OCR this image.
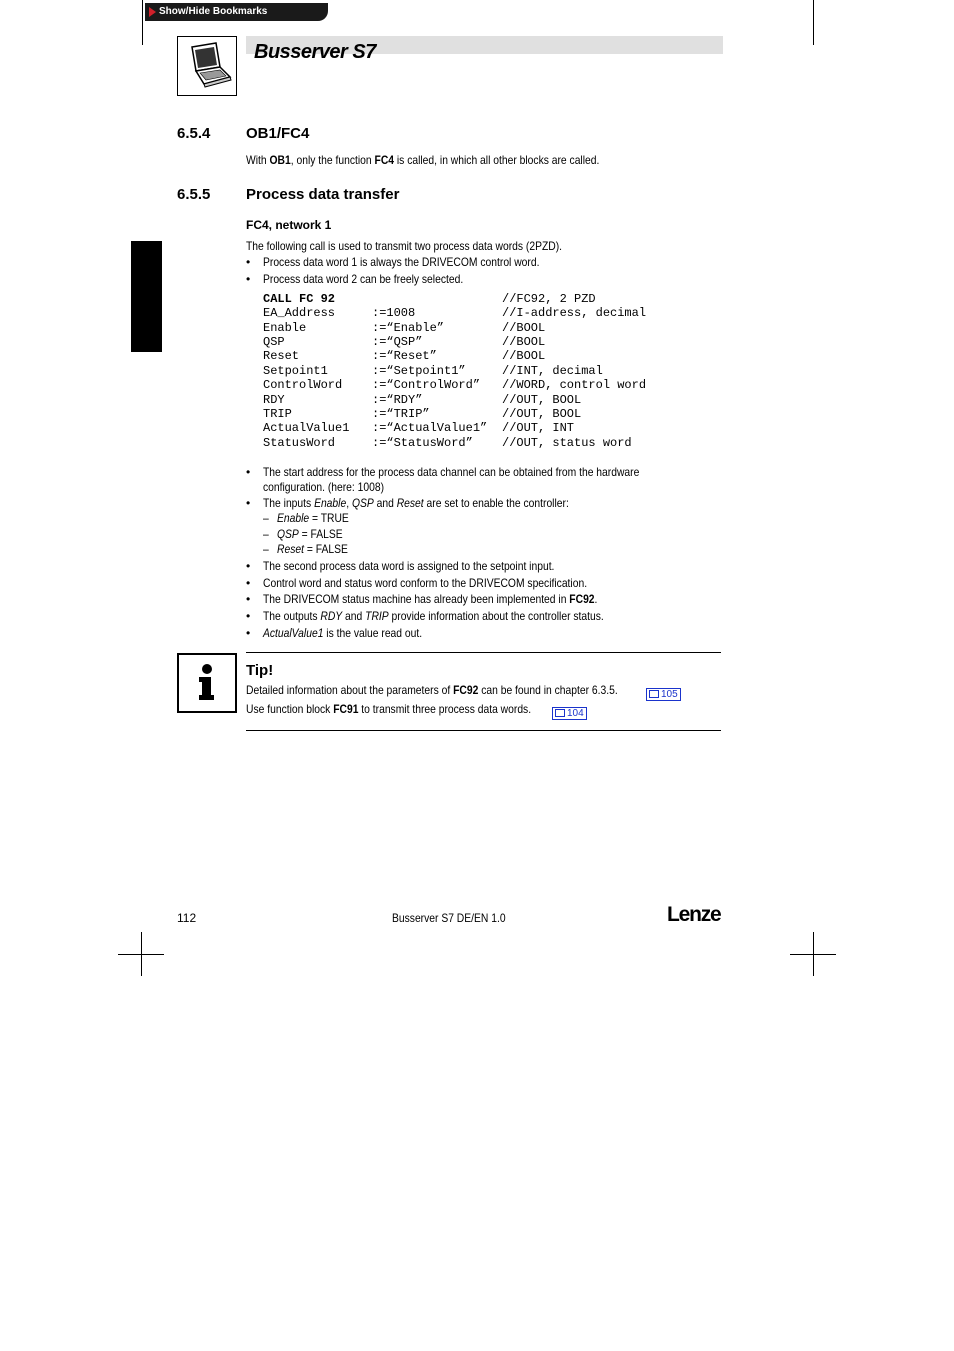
Show/Hide Bookmarks
Busserver S7
6.5.4 OB1/FC4
With OB1, only the function FC4 is called, in which all other blocks are called.
6.5.5 Process data transfer
FC4, network 1
The following call is used to transmit two process data words (2PZD).
• Process data word 1 is always the DRIVECOM control word.
• Process data word 2 can be freely selected.
CALL FC 92	//FC92, 2 PZD
EA_Address	:=1008	//I-address, decimal
Enable	:=“Enable”	//BOOL
QSP	:=“QSP”	//BOOL
Reset	:=“Reset”	//BOOL
Setpoint1	:=“Setpoint1”	//INT, decimal
ControlWord :=“ControlWord” //WORD, control word
RDY	:=“RDY”	//OUT, BOOL
TRIP	:=“TRIP”	//OUT, BOOL
ActualValue1 :=“ActualValue1” //OUT, INT
StatusWord	:=“StatusWord” //OUT, status word
• The start address for the process data channel can be obtained from the hardware
configuration. (here: 1008)
• The inputs Enable, QSP and Reset are set to enable the controller:
– Enable = TRUE
– QSP = FALSE
– Reset = FALSE
• The second process data word is assigned to the setpoint input.
• Control word and status word conform to the DRIVECOM specification.
• The DRIVECOM status machine has already been implemented in FC92.
• The outputs RDY and TRIP provide information about the controller status.
• ActualValue1 is the value read out.
Tip!
Detailed information about the parameters of FC92 can be found in chapter 6.3.5.	105
Use function block FC91 to transmit three process data words.	104
112	Busserver S7 DE/EN 1.0	Lenze
